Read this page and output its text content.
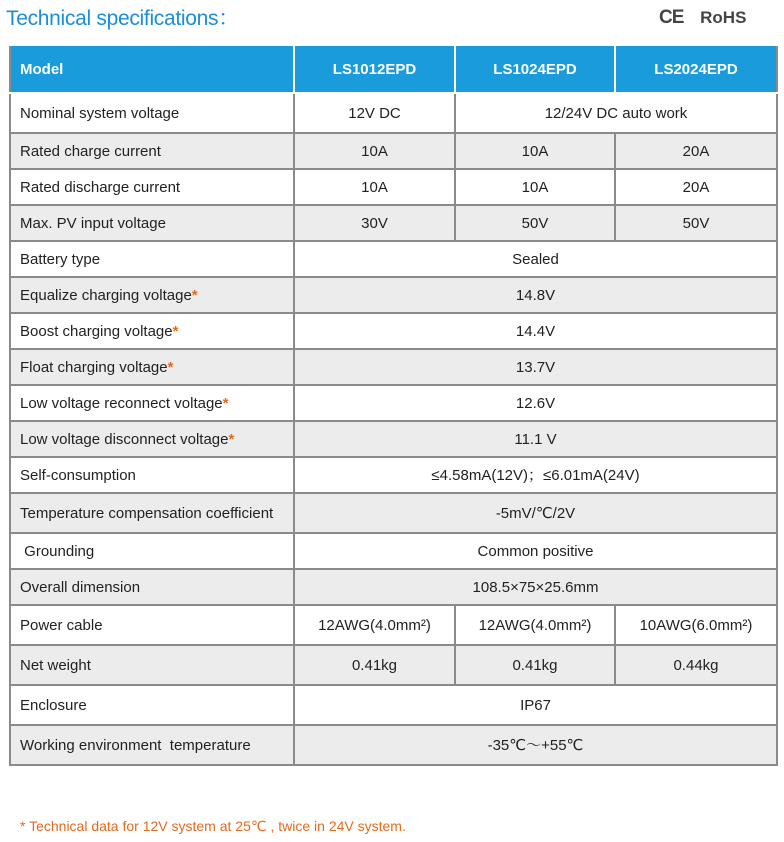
Technical specifications：	CE RoHS
Model	LS1012EPD	LS1024EPD	LS2024EPD
Nominal system voltage	12V DC	12/24V DC auto work	
Rated charge current	10A	10A	20A
Rated discharge current	10A	10A	20A
Max. PV input voltage	30V	50V	50V
Battery type	Sealed		
Equalize charging voltage*	14.8V		
Boost charging voltage*	14.4V		
Float charging voltage*	13.7V		
Low voltage reconnect voltage*	12.6V		
Low voltage disconnect voltage*	11.1 V		
Self-consumption	≤4.58mA(12V)；≤6.01mA(24V)		
Temperature compensation coefficient	-5mV/℃/2V		
Grounding	Common positive		
Overall dimension	108.5×75×25.6mm		
Power cable	12AWG(4.0mm²)	12AWG(4.0mm²)	10AWG(6.0mm²)
Net weight	0.41kg	0.41kg	0.44kg
Enclosure	IP67		
Working environment  temperature	-35℃～+55℃		
* Technical data for 12V system at 25℃ , twice in 24V system.
